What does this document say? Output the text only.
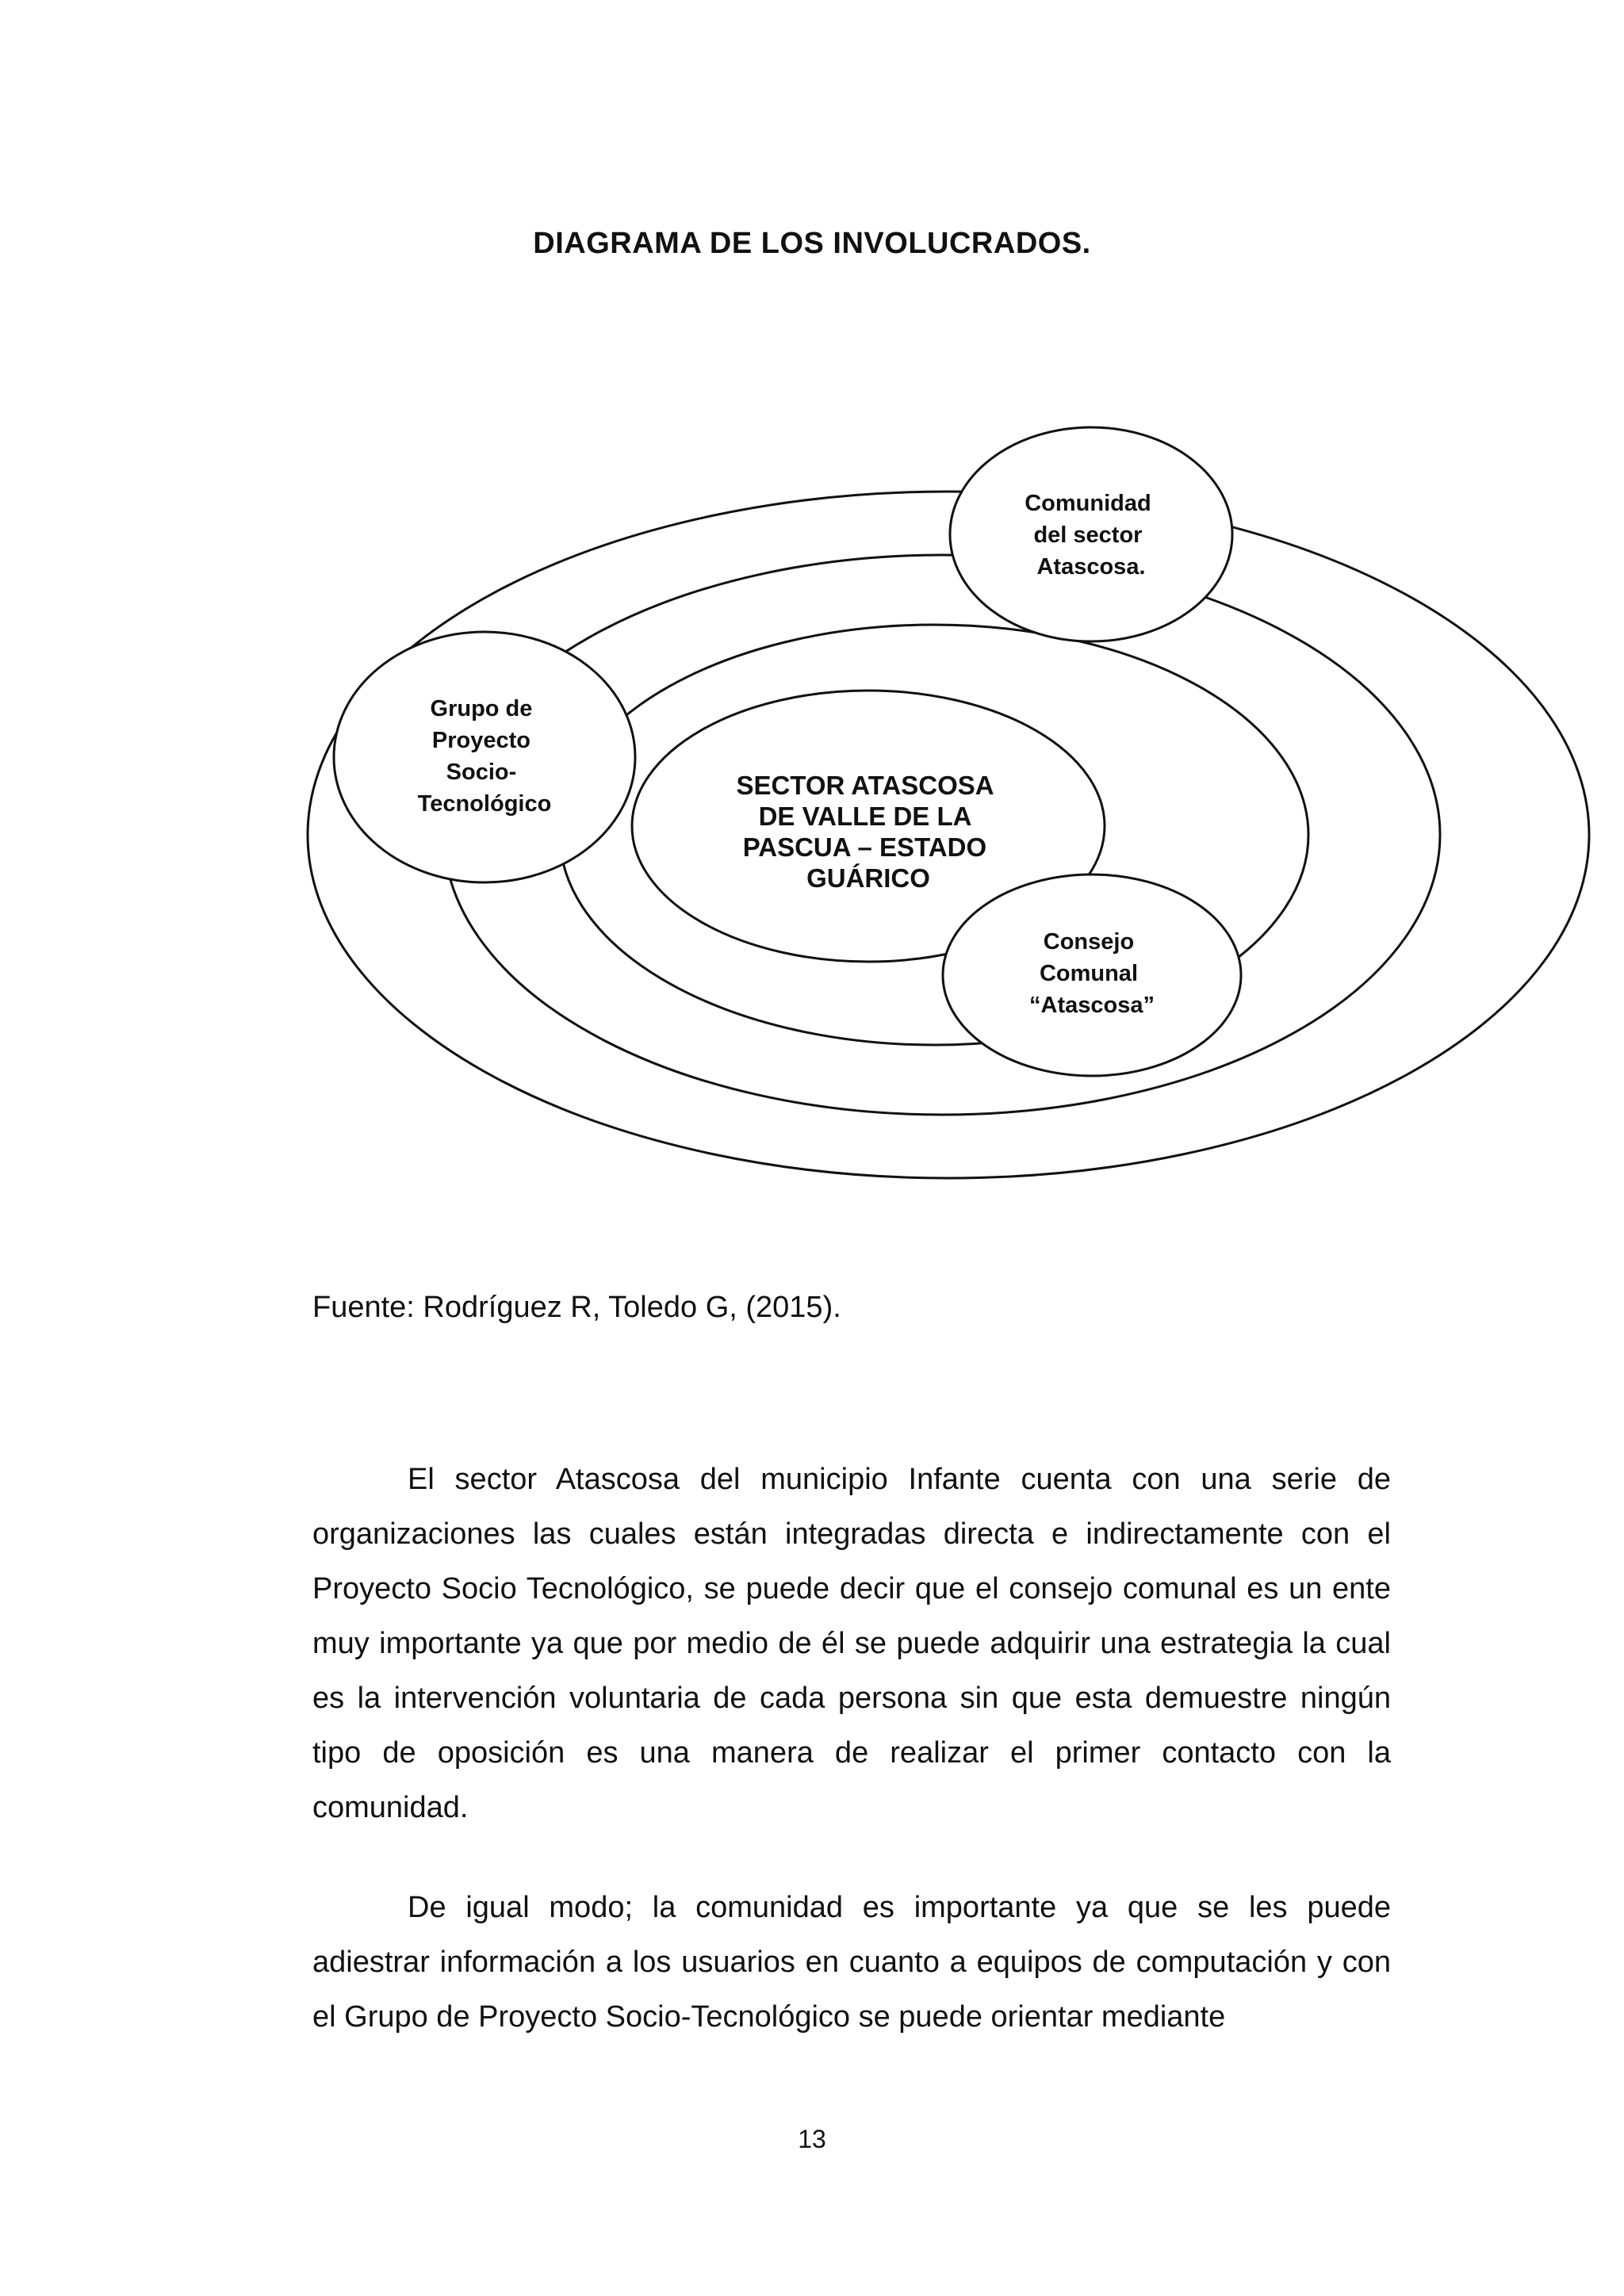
DIAGRAMA DE LOS INVOLUCRADOS.
SECTOR ATASCOSA DE VALLE DE LA PASCUA – ESTADO GUÁRICO
Comunidad del sector Atascosa.
Grupo de Proyecto Socio- Tecnológico
Consejo Comunal “Atascosa”
Fuente: Rodríguez R, Toledo G, (2015).

El sector Atascosa del municipio Infante cuenta con una serie de organizaciones las cuales están integradas directa e indirectamente con el Proyecto Socio Tecnológico, se puede decir que el consejo comunal es un ente muy importante ya que por medio de él se puede adquirir una estrategia la cual es la intervención voluntaria de cada persona sin que esta demuestre ningún tipo de oposición es una manera de realizar el primer contacto con la comunidad.

De igual modo; la comunidad es importante ya que se les puede adiestrar información a los usuarios en cuanto a equipos de computación y con el Grupo de Proyecto Socio-Tecnológico se puede orientar mediante

13
